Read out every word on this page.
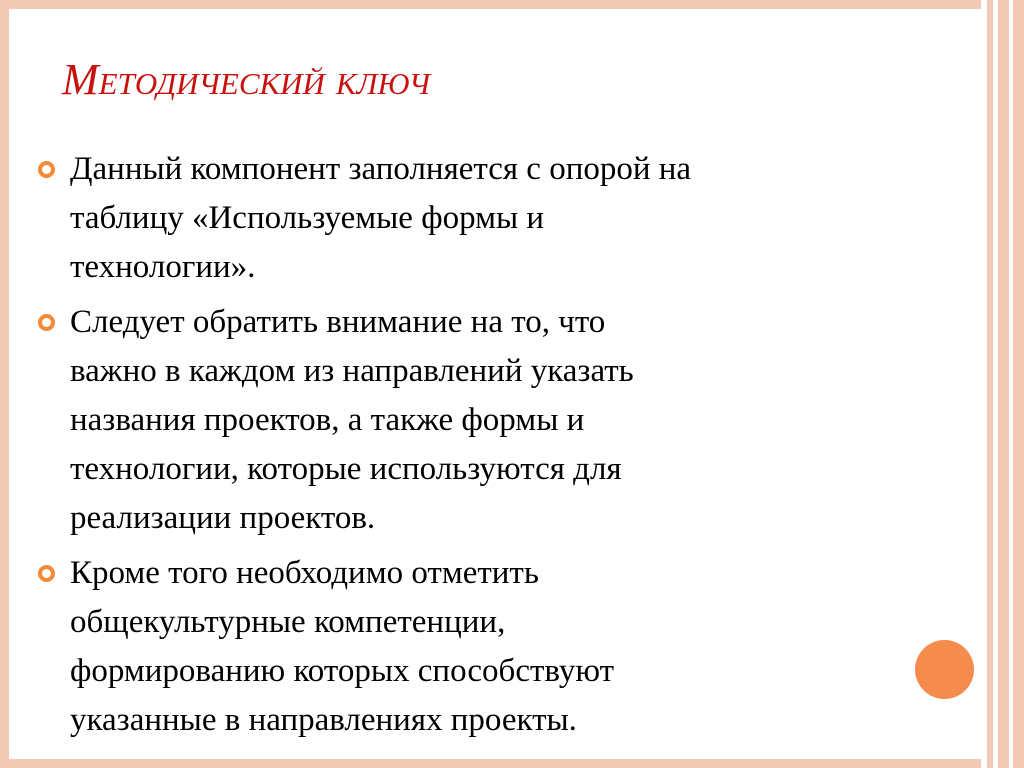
Методический ключ
Данный компонент заполняется с опорой на
таблицу «Используемые формы и
технологии».
Следует обратить внимание на то, что
важно в каждом из направлений указать
названия проектов, а также формы и
технологии, которые используются для
реализации проектов.
Кроме того необходимо отметить
общекультурные компетенции,
формированию которых способствуют
указанные в направлениях проекты.
